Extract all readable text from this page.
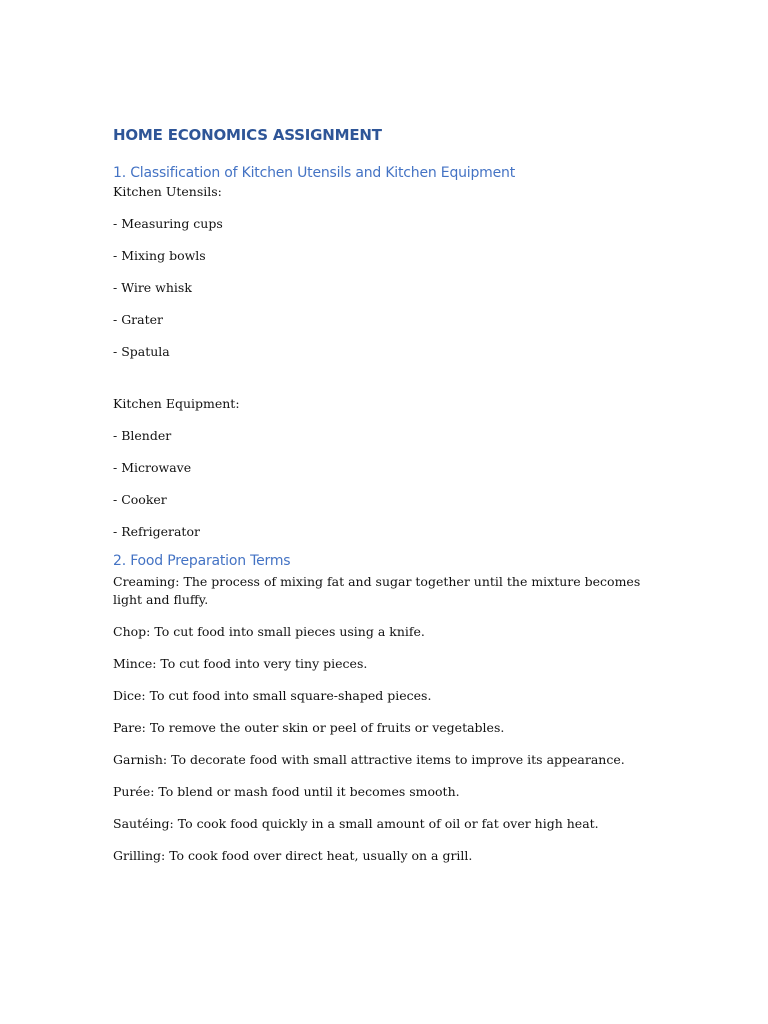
HOME ECONOMICS ASSIGNMENT
1. Classification of Kitchen Utensils and Kitchen Equipment

Kitchen Utensils:

- Measuring cups

- Mixing bowls

- Wire whisk

- Grater

- Spatula

Kitchen Equipment:

- Blender

- Microwave

- Cooker

- Refrigerator

2. Food Preparation Terms

Creaming: The process of mixing fat and sugar together until the mixture becomes light and fluffy.

Chop: To cut food into small pieces using a knife.

Mince: To cut food into very tiny pieces.

Dice: To cut food into small square-shaped pieces.

Pare: To remove the outer skin or peel of fruits or vegetables.

Garnish: To decorate food with small attractive items to improve its appearance.

Purée: To blend or mash food until it becomes smooth.

Sautéing: To cook food quickly in a small amount of oil or fat over high heat.

Grilling: To cook food over direct heat, usually on a grill.
